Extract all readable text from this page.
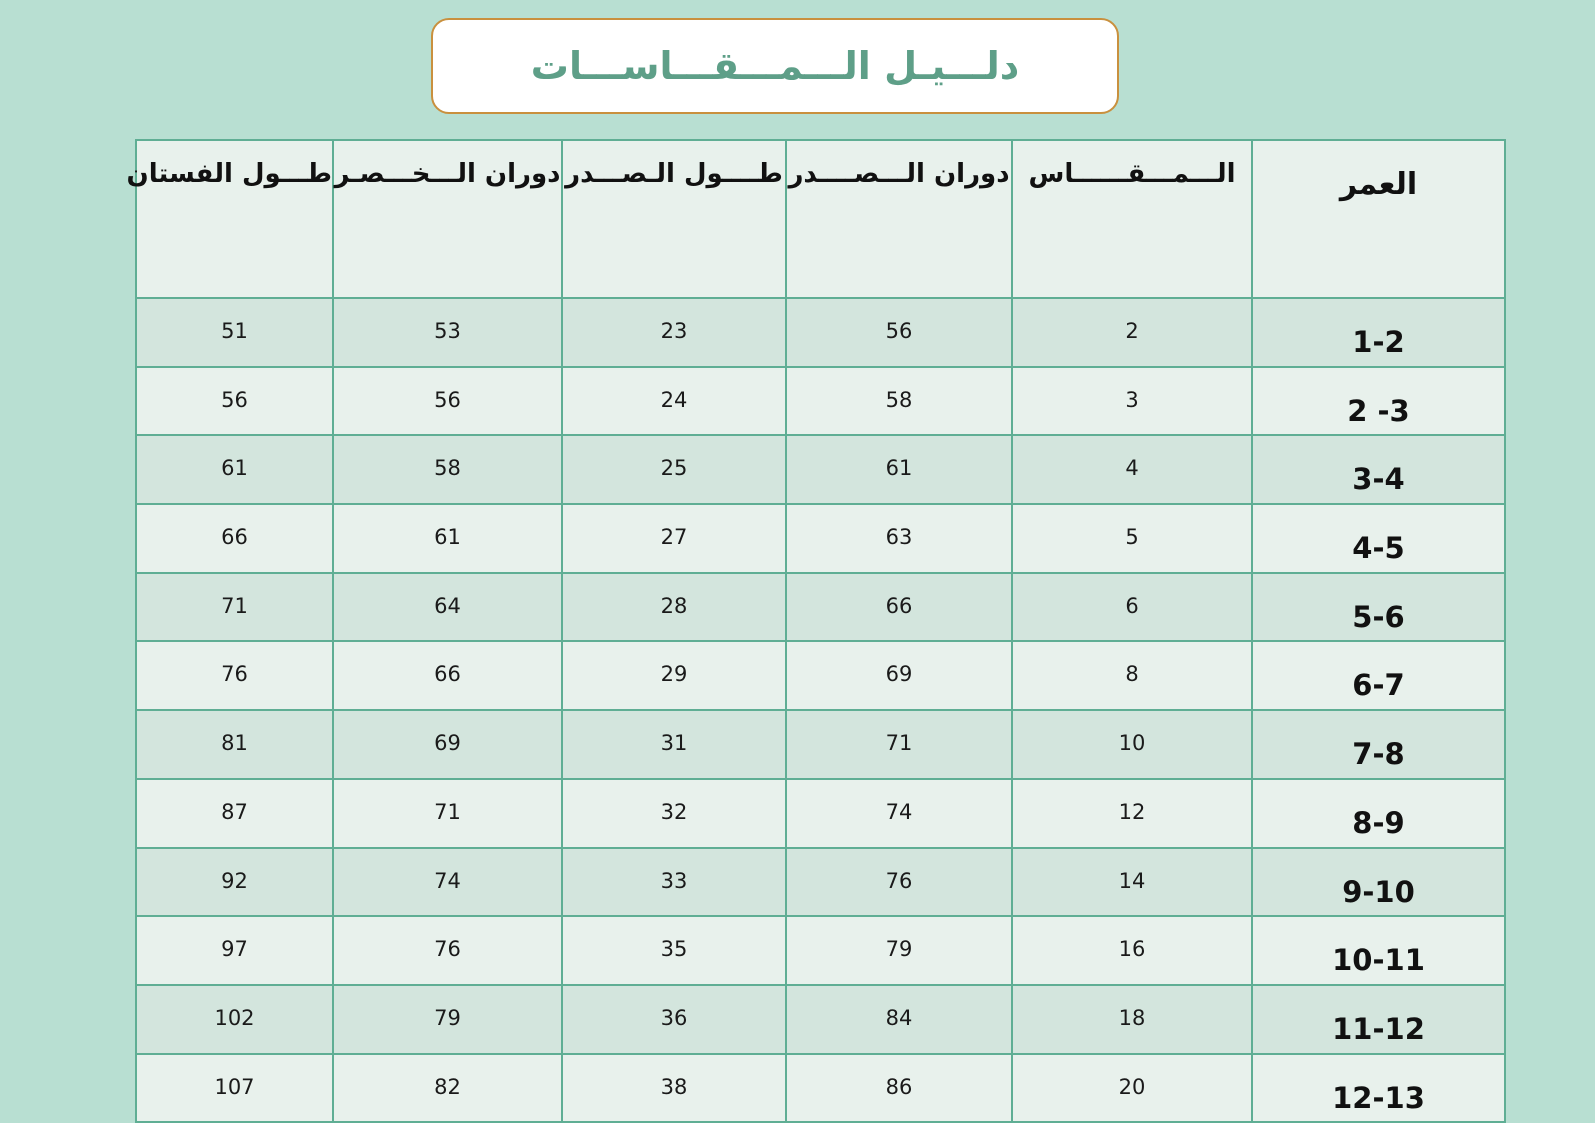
دلـــيـل الـــمـــقـــاســـات
العمر	الـــمـــقــــــاس	دوران الـــصــــدر	طــــول الـصـــدر	دوران الـــخـــصـر	طـــول الفستان
1-2	2	56	23	53	51
2 -3	3	58	24	56	56
3-4	4	61	25	58	61
4-5	5	63	27	61	66
5-6	6	66	28	64	71
6-7	8	69	29	66	76
7-8	10	71	31	69	81
8-9	12	74	32	71	87
9-10	14	76	33	74	92
10-11	16	79	35	76	97
11-12	18	84	36	79	102
12-13	20	86	38	82	107
